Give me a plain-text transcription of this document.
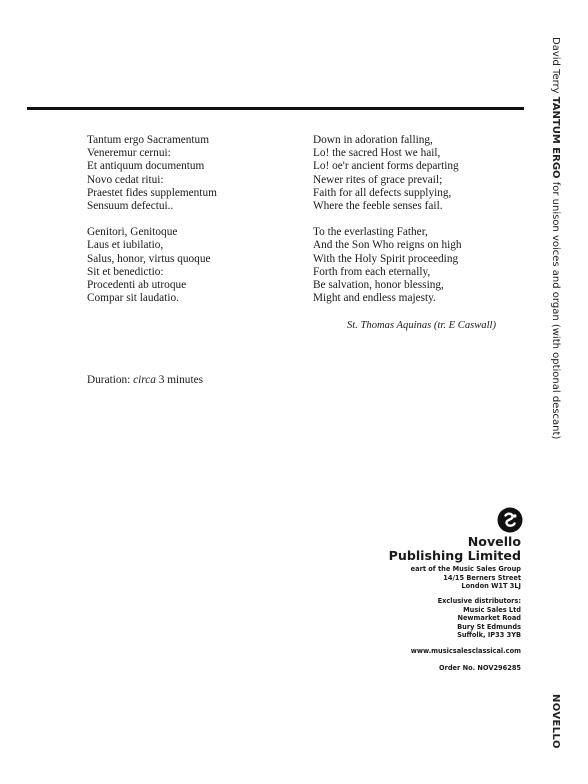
Tantum ergo Sacramentum
Veneremur cernui:
Et antiquum documentum
Novo cedat ritui:
Praestet fides supplementum
Sensuum defectui..
Genitori, Genitoque
Laus et iubilatio,
Salus, honor, virtus quoque
Sit et benedictio:
Procedenti ab utroque
Compar sit laudatio.
Down in adoration falling,
Lo! the sacred Host we hail,
Lo! oe'r ancient forms departing
Newer rites of grace prevail;
Faith for all defects supplying,
Where the feeble senses fail.
To the everlasting Father,
And the Son Who reigns on high
With the Holy Spirit proceeding
Forth from each eternally,
Be salvation, honor blessing,
Might and endless majesty.
St. Thomas Aquinas (tr. E Caswall)
Duration: circa 3 minutes
Novello
Publishing Limited
eart of the Music Sales Group
14/15 Berners Street
London W1T 3LJ
Exclusive distributors:
Music Sales Ltd
Newmarket Road
Bury St Edmunds
Suffolk, IP33 3YB
www.musicsalesclassical.com
Order No. NOV296285
David Terry TANTUM ERGO for unison voices and organ (with optional descant)
NOVELLO
